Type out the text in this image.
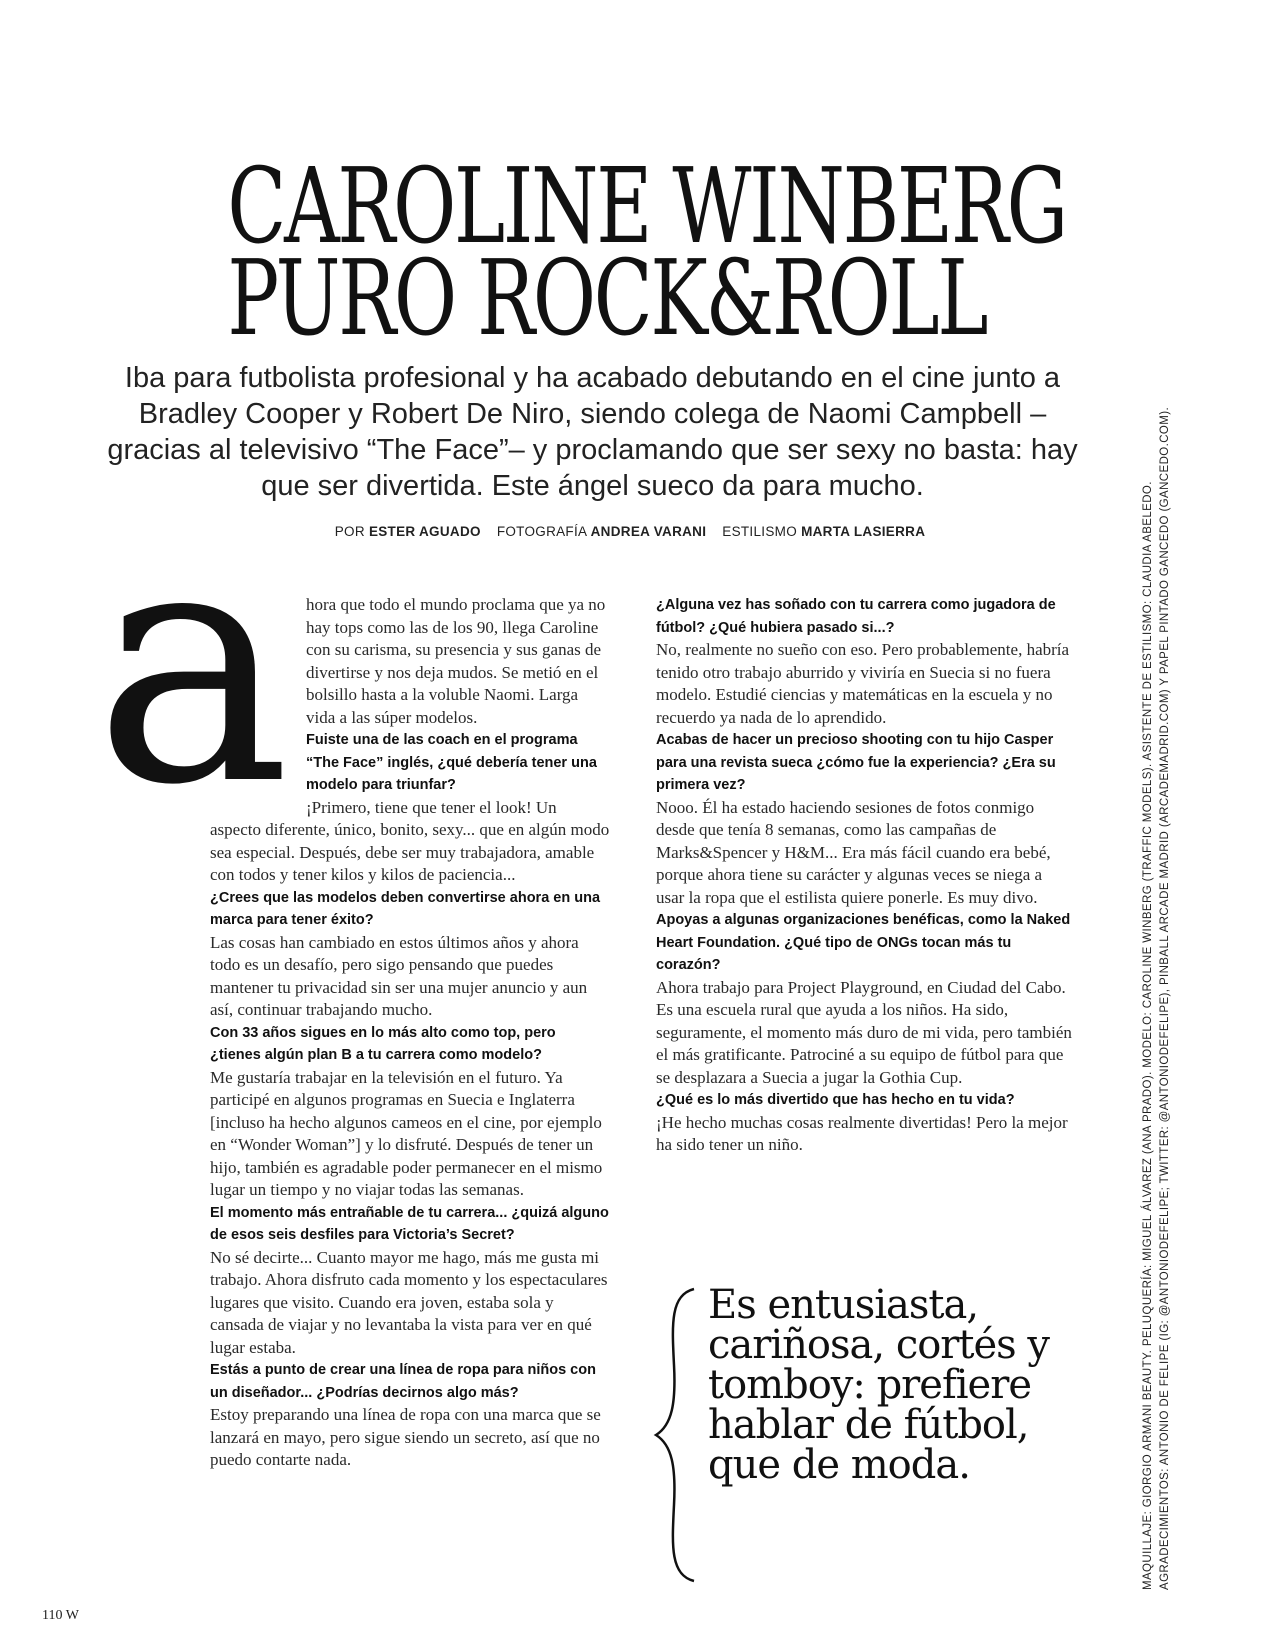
CAROLINE WINBERG
PURO ROCK&ROLL

Iba para futbolista profesional y ha acabado debutando en el cine junto a Bradley Cooper y Robert De Niro, siendo colega de Naomi Campbell –gracias al televisivo “The Face”– y proclamando que ser sexy no basta: hay que ser divertida. Este ángel sueco da para mucho.

POR ESTER AGUADO FOTOGRAFÍA ANDREA VARANI ESTILISMO MARTA LASIERRA
a hora que todo el mundo proclama que ya no hay tops como las de los 90, llega Caroline con su carisma, su presencia y sus ganas de divertirse y nos deja mudos. Se metió en el bolsillo hasta a la voluble Naomi. Larga vida a las súper modelos.

Fuiste una de las coach en el programa “The Face” inglés, ¿qué debería tener una modelo para triunfar?

¡Primero, tiene que tener el look! Un aspecto diferente, único, bonito, sexy... que en algún modo sea especial. Después, debe ser muy trabajadora, amable con todos y tener kilos y kilos de paciencia...

¿Crees que las modelos deben convertirse ahora en una marca para tener éxito?

Las cosas han cambiado en estos últimos años y ahora todo es un desafío, pero sigo pensando que puedes mantener tu privacidad sin ser una mujer anuncio y aun así, continuar trabajando mucho.

Con 33 años sigues en lo más alto como top, pero ¿tienes algún plan B a tu carrera como modelo?

Me gustaría trabajar en la televisión en el futuro. Ya participé en algunos programas en Suecia e Inglaterra [incluso ha hecho algunos cameos en el cine, por ejemplo en “Wonder Woman”] y lo disfruté. Después de tener un hijo, también es agradable poder permanecer en el mismo lugar un tiempo y no viajar todas las semanas.

El momento más entrañable de tu carrera... ¿quizá alguno de esos seis desfiles para Victoria’s Secret?

No sé decirte... Cuanto mayor me hago, más me gusta mi trabajo. Ahora disfruto cada momento y los espectaculares lugares que visito. Cuando era joven, estaba sola y cansada de viajar y no levantaba la vista para ver en qué lugar estaba.

Estás a punto de crear una línea de ropa para niños con un diseñador... ¿Podrías decirnos algo más?

Estoy preparando una línea de ropa con una marca que se lanzará en mayo, pero sigue siendo un secreto, así que no puedo contarte nada.

¿Alguna vez has soñado con tu carrera como jugadora de fútbol? ¿Qué hubiera pasado si...?

No, realmente no sueño con eso. Pero probablemente, habría tenido otro trabajo aburrido y viviría en Suecia si no fuera modelo. Estudié ciencias y matemáticas en la escuela y no recuerdo ya nada de lo aprendido.

Acabas de hacer un precioso shooting con tu hijo Casper para una revista sueca ¿cómo fue la experiencia? ¿Era su primera vez?

Nooo. Él ha estado haciendo sesiones de fotos conmigo desde que tenía 8 semanas, como las campañas de Marks&Spencer y H&M... Era más fácil cuando era bebé, porque ahora tiene su carácter y algunas veces se niega a usar la ropa que el estilista quiere ponerle. Es muy divo.

Apoyas a algunas organizaciones benéficas, como la Naked Heart Foundation. ¿Qué tipo de ONGs tocan más tu corazón?

Ahora trabajo para Project Playground, en Ciudad del Cabo. Es una escuela rural que ayuda a los niños. Ha sido, seguramente, el momento más duro de mi vida, pero también el más gratificante. Patrociné a su equipo de fútbol para que se desplazara a Suecia a jugar la Gothia Cup.

¿Qué es lo más divertido que has hecho en tu vida?

¡He hecho muchas cosas realmente divertidas! Pero la mejor ha sido tener un niño.

Es entusiasta, cariñosa, cortés y tomboy: prefiere hablar de fútbol, que de moda.	MAQUILLAJE: GIORGIO ARMANI BEAUTY. PELUQUERÍA: MIGUEL ÁLVAREZ (ANA PRADO). MODELO: CAROLINE WINBERG (TRAFFIC MODELS). ASISTENTE DE ESTILISMO: CLAUDIA ABELEDO. AGRADECIMIENTOS: ANTONIO DE FELIPE (IG: @ANTONIODEFELIPE; TWITTER: @ANTONIODEFELIPE), PINBALL ARCADE MADRID (ARCADEMADRID.COM) Y PAPEL PINTADO GANCEDO (GANCEDO.COM).
110 W
